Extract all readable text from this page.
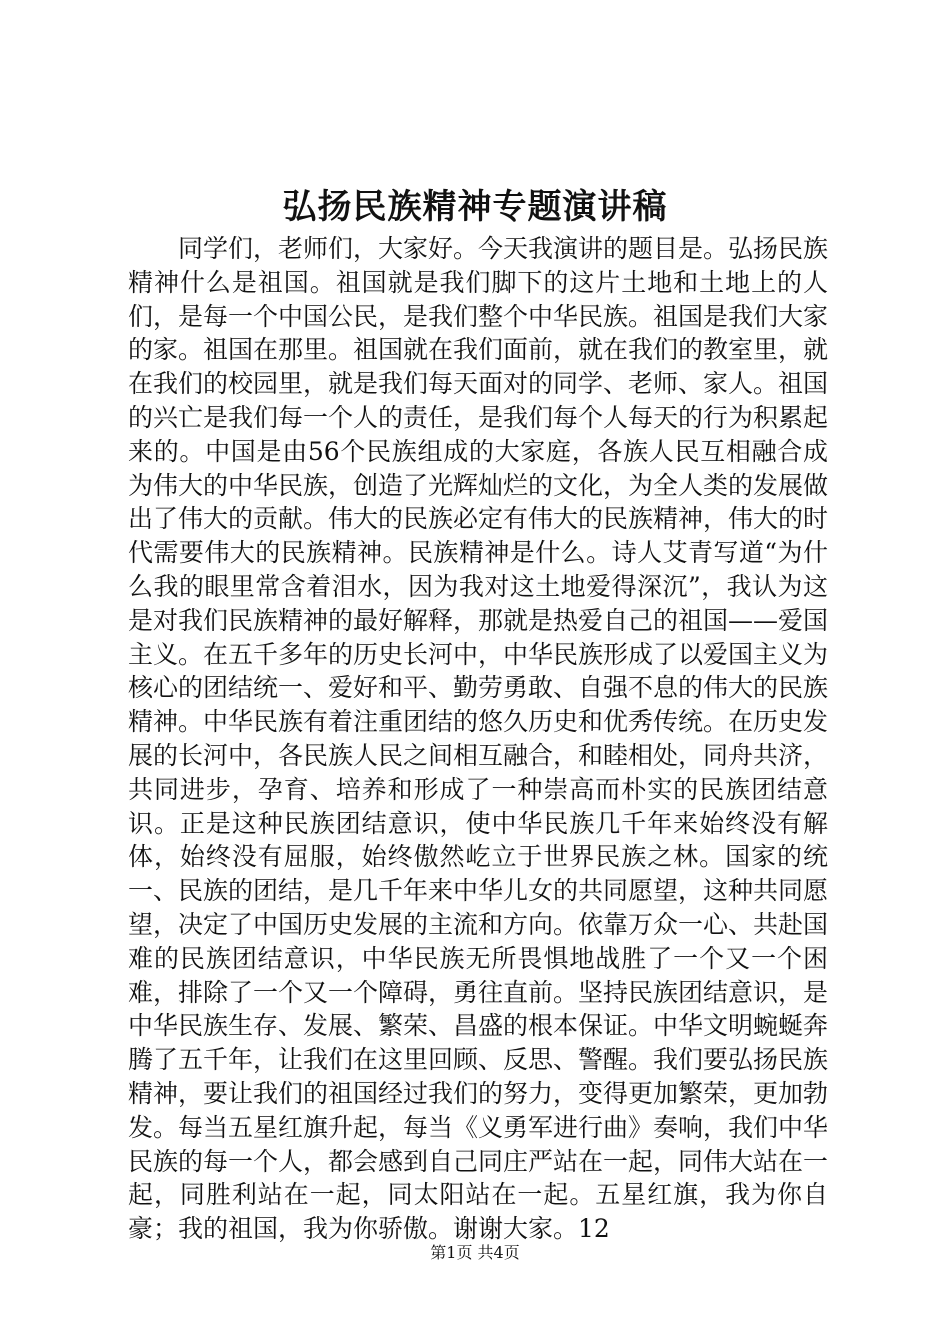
弘扬民族精神专题演讲稿

同学们，老师们，大家好。今天我演讲的题目是。弘扬民族精神什么是祖国。祖国就是我们脚下的这片土地和土地上的人们，是每一个中国公民，是我们整个中华民族。祖国是我们大家的家。祖国在那里。祖国就在我们面前，就在我们的教室里，就在我们的校园里，就是我们每天面对的同学、老师、家人。祖国的兴亡是我们每一个人的责任，是我们每个人每天的行为积累起来的。中国是由56个民族组成的大家庭，各族人民互相融合成为伟大的中华民族，创造了光辉灿烂的文化，为全人类的发展做出了伟大的贡献。伟大的民族必定有伟大的民族精神，伟大的时代需要伟大的民族精神。民族精神是什么。诗人艾青写道“为什么我的眼里常含着泪水，因为我对这土地爱得深沉”，我认为这是对我们民族精神的最好解释，那就是热爱自己的祖国——爱国主义。在五千多年的历史长河中，中华民族形成了以爱国主义为核心的团结统一、爱好和平、勤劳勇敢、自强不息的伟大的民族精神。中华民族有着注重团结的悠久历史和优秀传统。在历史发展的长河中，各民族人民之间相互融合，和睦相处，同舟共济，共同进步，孕育、培养和形成了一种崇高而朴实的民族团结意识。正是这种民族团结意识，使中华民族几千年来始终没有解体，始终没有屈服，始终傲然屹立于世界民族之林。国家的统一、民族的团结，是几千年来中华儿女的共同愿望，这种共同愿望，决定了中国历史发展的主流和方向。依靠万众一心、共赴国难的民族团结意识，中华民族无所畏惧地战胜了一个又一个困难，排除了一个又一个障碍，勇往直前。坚持民族团结意识，是中华民族生存、发展、繁荣、昌盛的根本保证。中华文明蜿蜒奔腾了五千年，让我们在这里回顾、反思、警醒。我们要弘扬民族精神，要让我们的祖国经过我们的努力，变得更加繁荣，更加勃发。每当五星红旗升起，每当《义勇军进行曲》奏响，我们中华民族的每一个人，都会感到自己同庄严站在一起，同伟大站在一起，同胜利站在一起，同太阳站在一起。五星红旗，我为你自豪；我的祖国，我为你骄傲。谢谢大家。12

第1页 共4页
